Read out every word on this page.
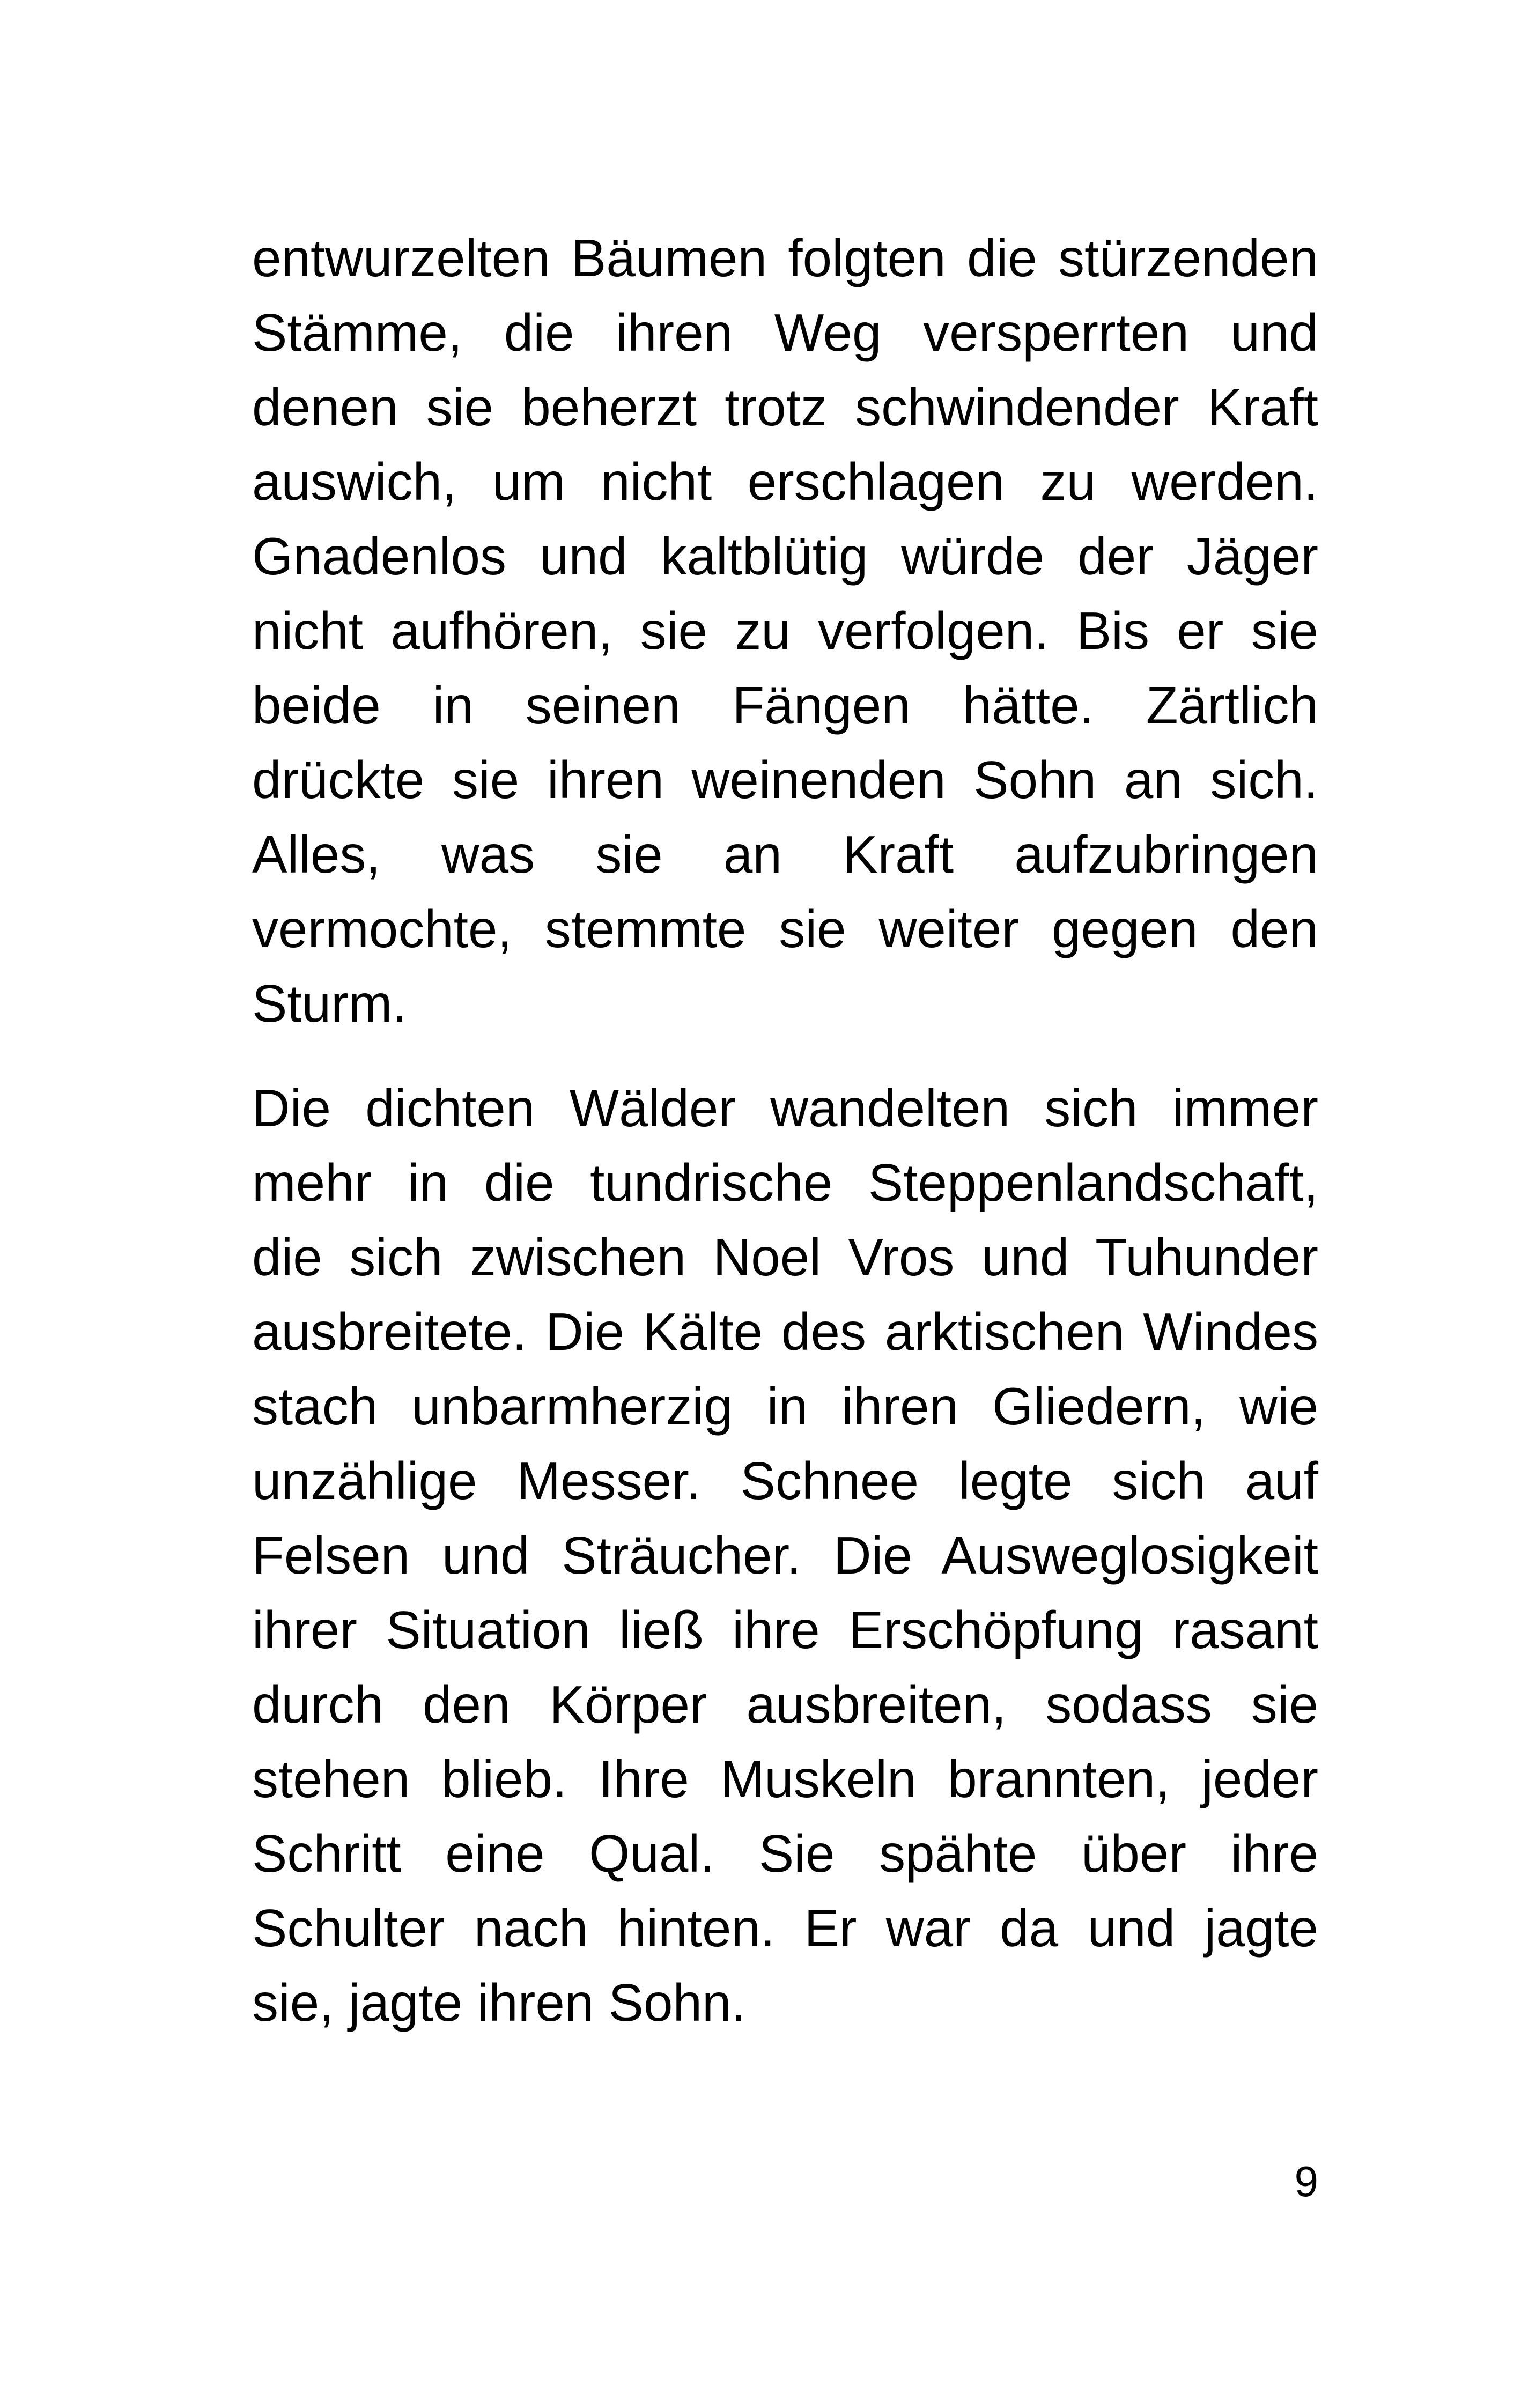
entwurzelten Bäumen folgten die stürzenden
Stämme, die ihren Weg versperrten und
denen sie beherzt trotz schwindender Kraft
auswich, um nicht erschlagen zu werden.
Gnadenlos und kaltblütig würde der Jäger
nicht aufhören, sie zu verfolgen. Bis er sie
beide in seinen Fängen hätte. Zärtlich
drückte sie ihren weinenden Sohn an sich.
Alles, was sie an Kraft aufzubringen
vermochte, stemmte sie weiter gegen den
Sturm.
Die dichten Wälder wandelten sich immer
mehr in die tundrische Steppenlandschaft,
die sich zwischen Noel Vros und Tuhunder
ausbreitete. Die Kälte des arktischen Windes
stach unbarmherzig in ihren Gliedern, wie
unzählige Messer. Schnee legte sich auf
Felsen und Sträucher. Die Ausweglosigkeit
ihrer Situation ließ ihre Erschöpfung rasant
durch den Körper ausbreiten, sodass sie
stehen blieb. Ihre Muskeln brannten, jeder
Schritt eine Qual. Sie spähte über ihre
Schulter nach hinten. Er war da und jagte
sie, jagte ihren Sohn.
9
